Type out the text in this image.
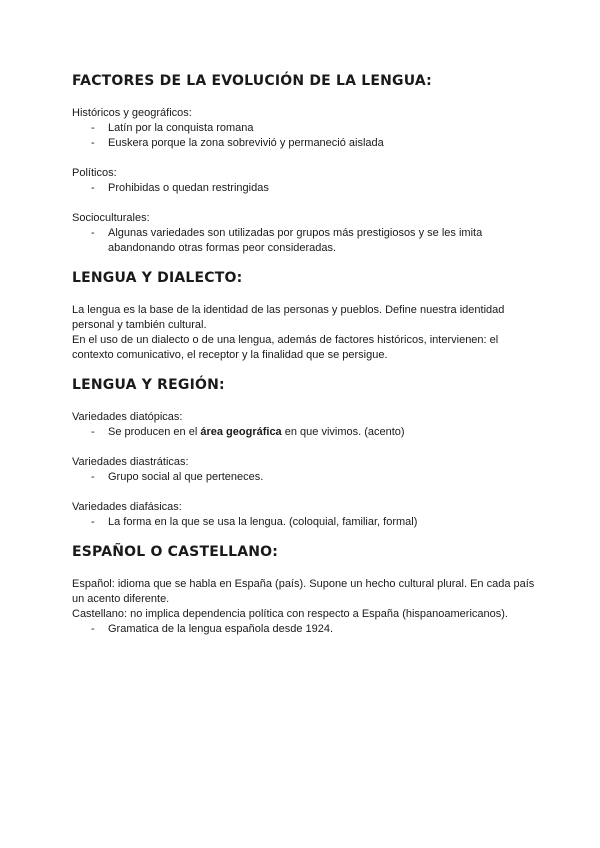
FACTORES DE LA EVOLUCIÓN DE LA LENGUA:
Históricos y geográficos:
- Latín por la conquista romana
- Euskera porque la zona sobrevivió y permaneció aislada
Políticos:
- Prohibidas o quedan restringidas
Socioculturales:
- Algunas variedades son utilizadas por grupos más prestigiosos y se les imita abandonando otras formas peor consideradas.
LENGUA Y DIALECTO:

La lengua es la base de la identidad de las personas y pueblos. Define nuestra identidad personal y también cultural.

En el uso de un dialecto o de una lengua, además de factores históricos, intervienen: el contexto comunicativo, el receptor y la finalidad que se persigue.

LENGUA Y REGIÓN:
Variedades diatópicas:
- Se producen en el área geográfica en que vivimos. (acento)
Variedades diastráticas:
- Grupo social al que perteneces.
Variedades diafásicas:
- La forma en la que se usa la lengua. (coloquial, familiar, formal)
ESPAÑOL O CASTELLANO:

Español: idioma que se habla en España (país). Supone un hecho cultural plural. En cada país un acento diferente.

Castellano: no implica dependencia política con respecto a España (hispanoamericanos).

- Gramatica de la lengua española desde 1924.
